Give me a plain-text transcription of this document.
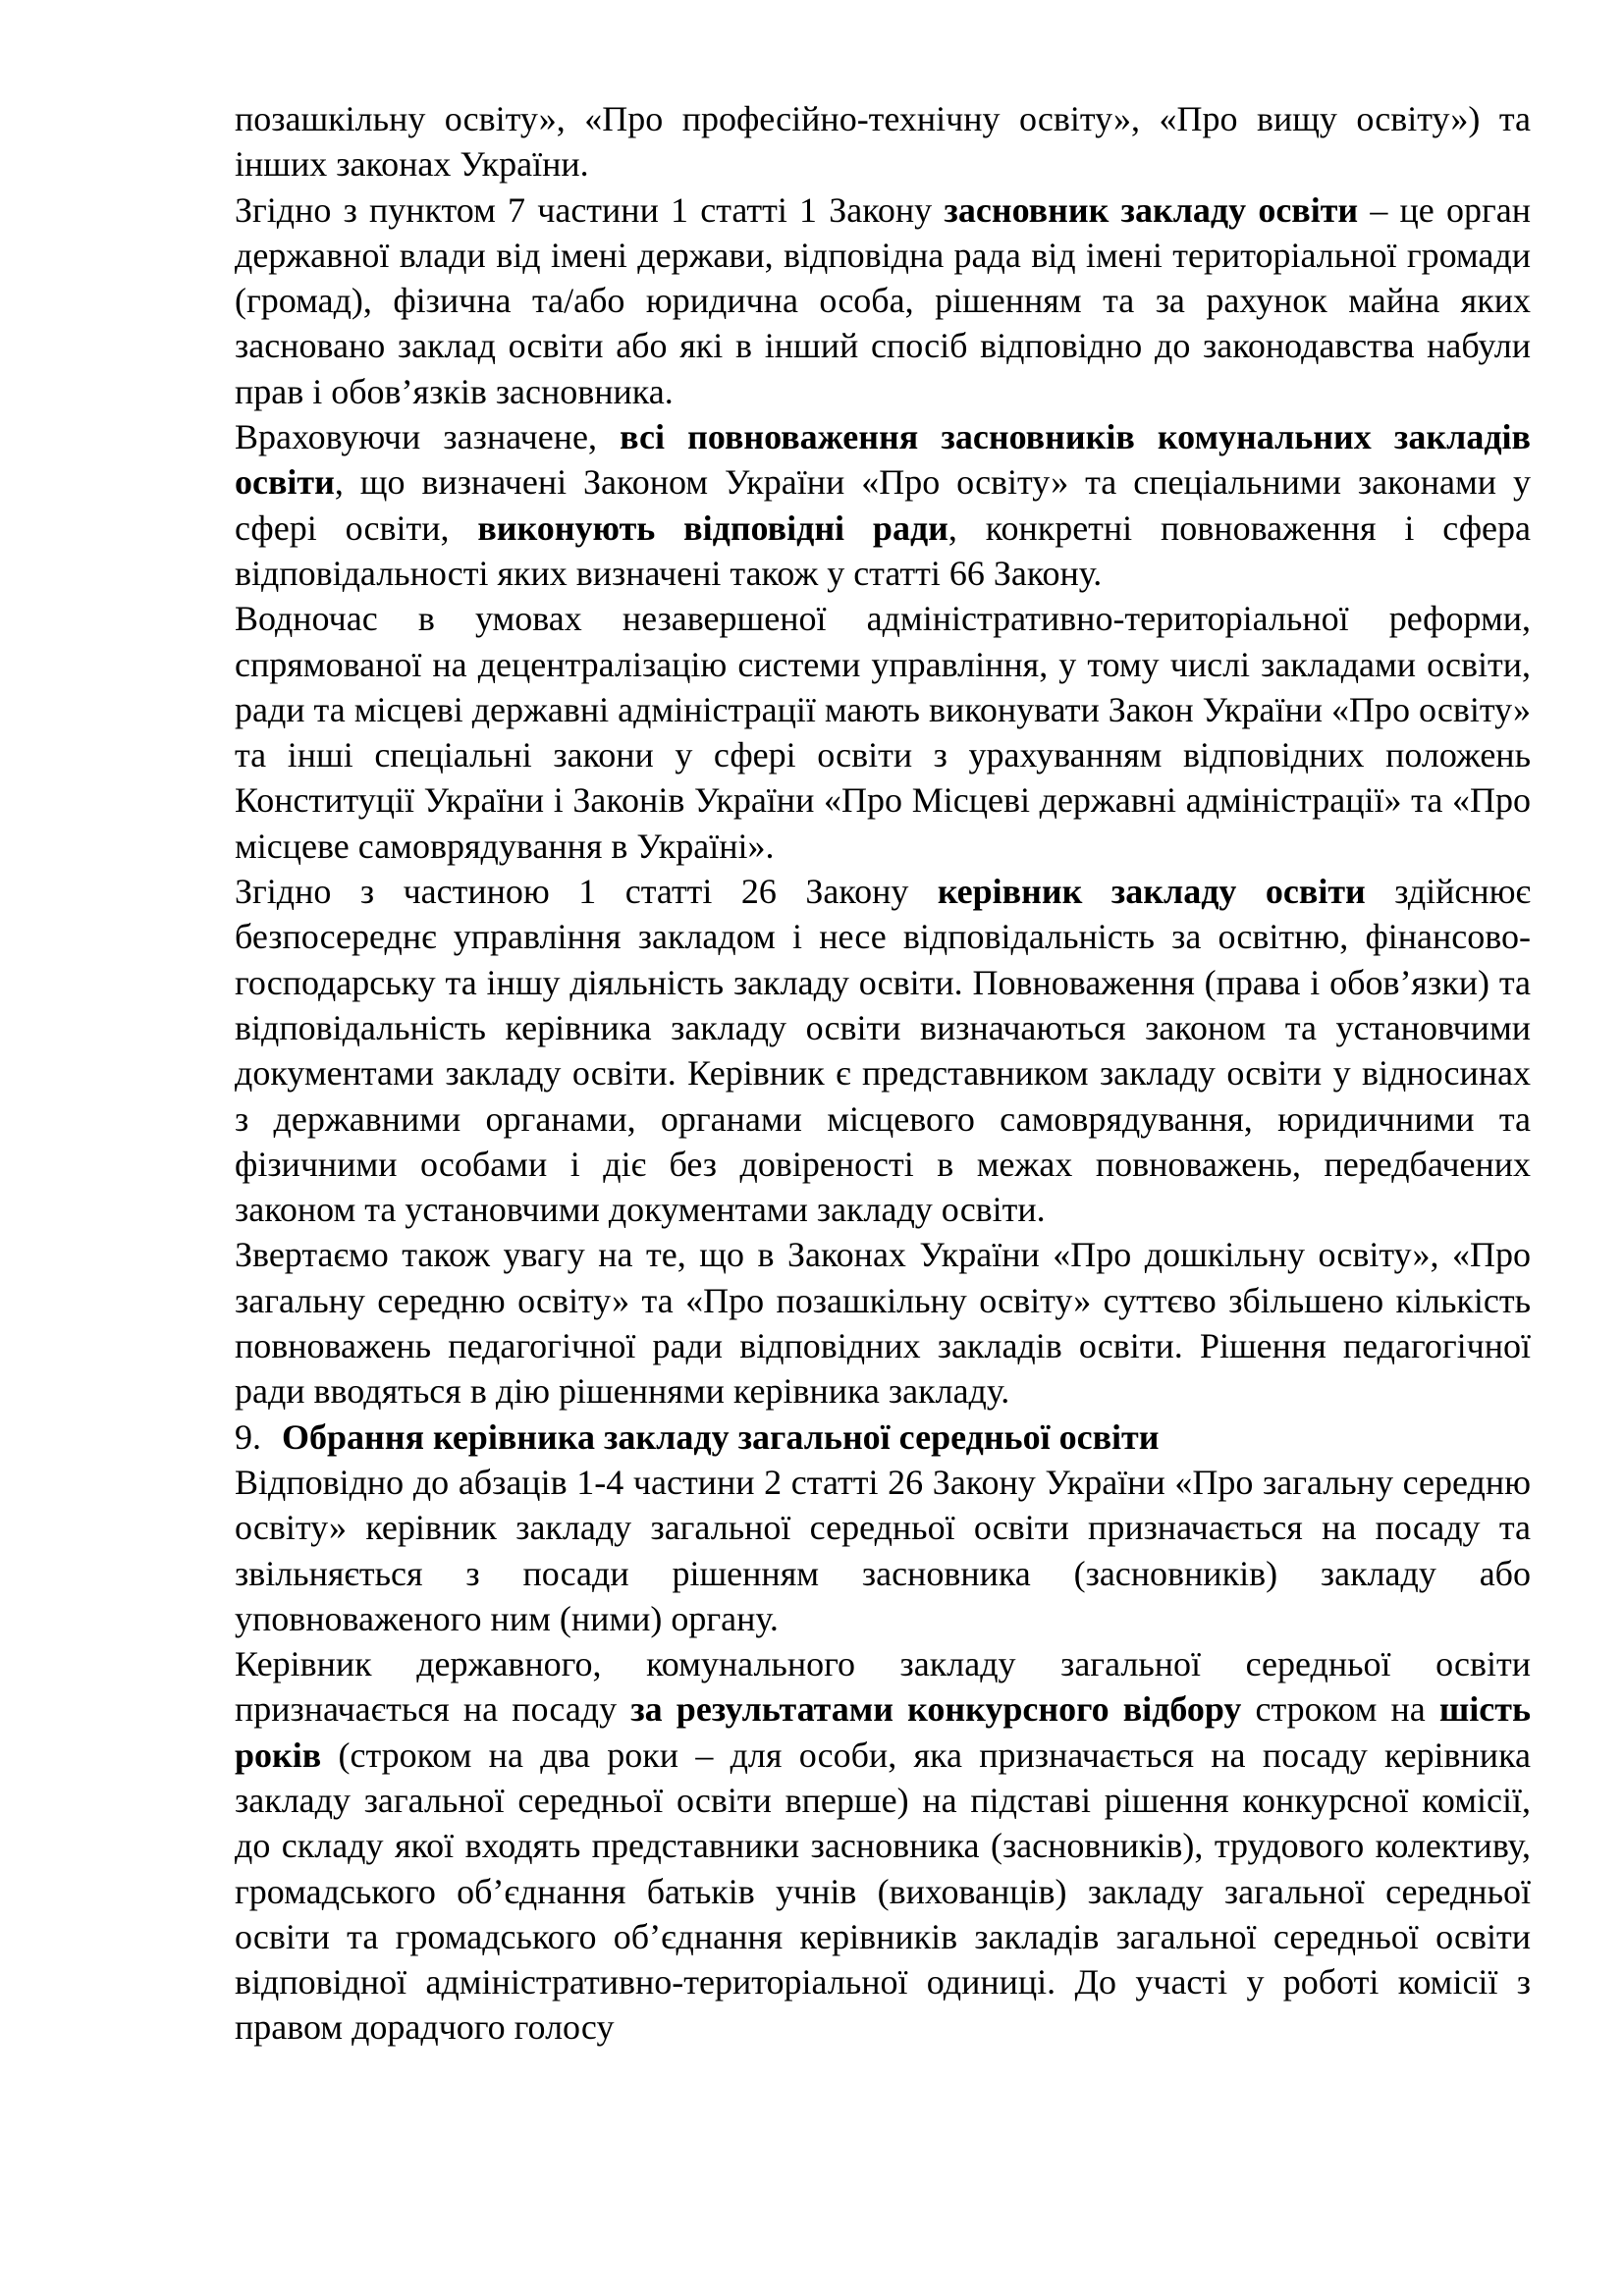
позашкільну освіту», «Про професійно-технічну освіту», «Про вищу освіту») та інших законах України.

Згідно з пунктом 7 частини 1 статті 1 Закону засновник закладу освіти – це орган державної влади від імені держави, відповідна рада від імені територіальної громади (громад), фізична та/або юридична особа, рішенням та за рахунок майна яких засновано заклад освіти або які в інший спосіб відповідно до законодавства набули прав і обов’язків засновника.

Враховуючи зазначене, всі повноваження засновників комунальних закладів освіти, що визначені Законом України «Про освіту» та спеціальними законами у сфері освіти, виконують відповідні ради, конкретні повноваження і сфера відповідальності яких визначені також у статті 66 Закону.

Водночас в умовах незавершеної адміністративно-територіальної реформи, спрямованої на децентралізацію системи управління, у тому числі закладами освіти, ради та місцеві державні адміністрації мають виконувати Закон України «Про освіту» та інші спеціальні закони у сфері освіти з урахуванням відповідних положень Конституції України і Законів України «Про Місцеві державні адміністрації» та «Про місцеве самоврядування в Україні».

Згідно з частиною 1 статті 26 Закону керівник закладу освіти здійснює безпосереднє управління закладом і несе відповідальність за освітню, фінансово-господарську та іншу діяльність закладу освіти. Повноваження (права і обов’язки) та відповідальність керівника закладу освіти визначаються законом та установчими документами закладу освіти. Керівник є представником закладу освіти у відносинах з державними органами, органами місцевого самоврядування, юридичними та фізичними особами і діє без довіреності в межах повноважень, передбачених законом та установчими документами закладу освіти.

Звертаємо також увагу на те, що в Законах України «Про дошкільну освіту», «Про загальну середню освіту» та «Про позашкільну освіту» суттєво збільшено кількість повноважень педагогічної ради відповідних закладів освіти. Рішення педагогічної ради вводяться в дію рішеннями керівника закладу.

9. Обрання керівника закладу загальної середньої освіти

Відповідно до абзаців 1-4 частини 2 статті 26 Закону України «Про загальну середню освіту» керівник закладу загальної середньої освіти призначається на посаду та звільняється з посади рішенням засновника (засновників) закладу або уповноваженого ним (ними) органу.

Керівник державного, комунального закладу загальної середньої освіти призначається на посаду за результатами конкурсного відбору строком на шість років (строком на два роки – для особи, яка призначається на посаду керівника закладу загальної середньої освіти вперше) на підставі рішення конкурсної комісії, до складу якої входять представники засновника (засновників), трудового колективу, громадського об’єднання батьків учнів (вихованців) закладу загальної середньої освіти та громадського об’єднання керівників закладів загальної середньої освіти відповідної адміністративно-територіальної одиниці. До участі у роботі комісії з правом дорадчого голосу
